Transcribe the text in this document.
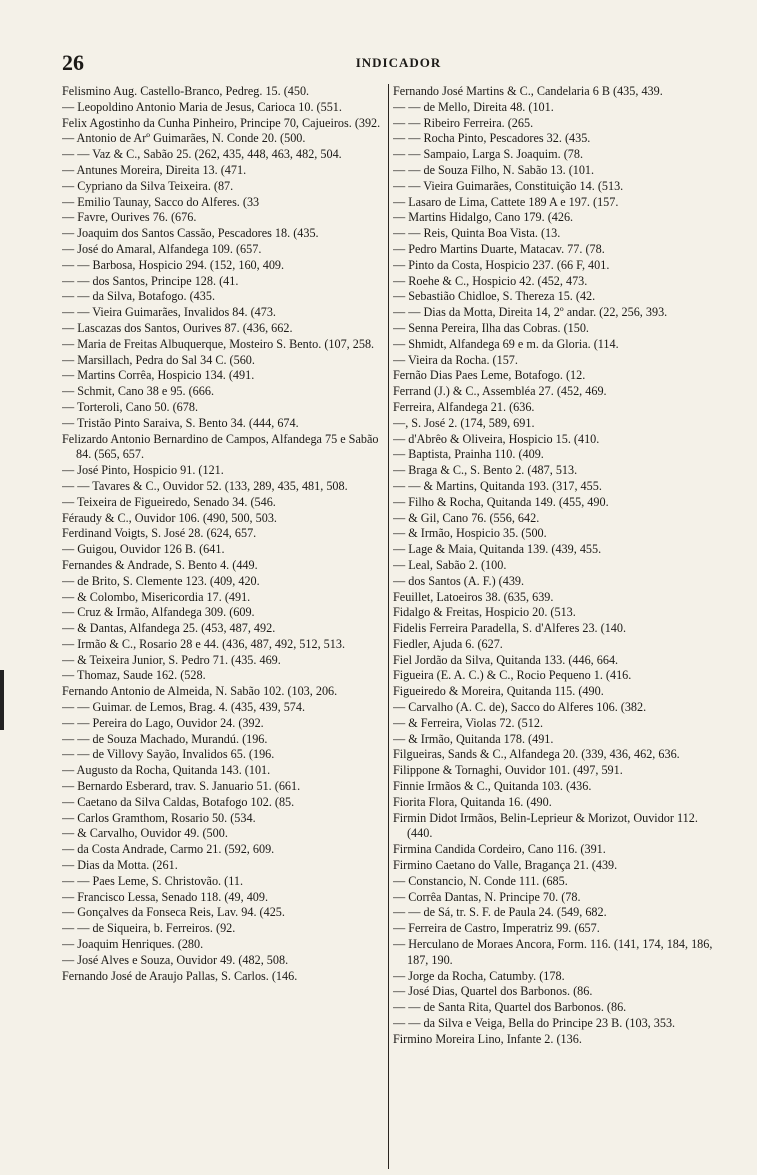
26	INDICADOR
Felismino Aug. Castello-Branco, Pedreg. 15. (450.
— Leopoldino Antonio Maria de Jesus, Carioca 10. (551.
Felix Agostinho da Cunha Pinheiro, Principe 70, Cajueiros. (392.
— Antonio de Arº Guimarães, N. Conde 20. (500.
— — Vaz & C., Sabão 25. (262, 435, 448, 463, 482, 504.
— Antunes Moreira, Direita 13. (471.
— Cypriano da Silva Teixeira. (87.
— Emilio Taunay, Sacco do Alferes. (33
— Favre, Ourives 76. (676.
— Joaquim dos Santos Cassão, Pescadores 18. (435.
— José do Amaral, Alfandega 109. (657.
— — Barbosa, Hospicio 294. (152, 160, 409.
— — dos Santos, Principe 128. (41.
— — da Silva, Botafogo. (435.
— — Vieira Guimarães, Invalidos 84. (473.
— Lascazas dos Santos, Ourives 87. (436, 662.
— Maria de Freitas Albuquerque, Mosteiro S. Bento. (107, 258.
— Marsillach, Pedra do Sal 34 C. (560.
— Martins Corrêa, Hospicio 134. (491.
— Schmit, Cano 38 e 95. (666.
— Torteroli, Cano 50. (678.
— Tristão Pinto Saraiva, S. Bento 34. (444, 674.
Felizardo Antonio Bernardino de Campos, Alfandega 75 e Sabão 84. (565, 657.
— José Pinto, Hospicio 91. (121.
— — Tavares & C., Ouvidor 52. (133, 289, 435, 481, 508.
— Teixeira de Figueiredo, Senado 34. (546.
Féraudy & C., Ouvidor 106. (490, 500, 503.
Ferdinand Voigts, S. José 28. (624, 657.
— Guigou, Ouvidor 126 B. (641.
Fernandes & Andrade, S. Bento 4. (449.
— de Brito, S. Clemente 123. (409, 420.
— & Colombo, Misericordia 17. (491.
— Cruz & Irmão, Alfandega 309. (609.
— & Dantas, Alfandega 25. (453, 487, 492.
— Irmão & C., Rosario 28 e 44. (436, 487, 492, 512, 513.
— & Teixeira Junior, S. Pedro 71. (435. 469.
— Thomaz, Saude 162. (528.
Fernando Antonio de Almeida, N. Sabão 102. (103, 206.
— — Guimar. de Lemos, Brag. 4. (435, 439, 574.
— — Pereira do Lago, Ouvidor 24. (392.
— — de Souza Machado, Murandú. (196.
— — de Villovy Sayão, Invalidos 65. (196.
— Augusto da Rocha, Quitanda 143. (101.
— Bernardo Esberard, trav. S. Januario 51. (661.
— Caetano da Silva Caldas, Botafogo 102. (85.
— Carlos Gramthom, Rosario 50. (534.
— & Carvalho, Ouvidor 49. (500.
— da Costa Andrade, Carmo 21. (592, 609.
— Dias da Motta. (261.
— — Paes Leme, S. Christovão. (11.
— Francisco Lessa, Senado 118. (49, 409.
— Gonçalves da Fonseca Reis, Lav. 94. (425.
— — de Siqueira, b. Ferreiros. (92.
— Joaquim Henriques. (280.
— José Alves e Souza, Ouvidor 49. (482, 508.
Fernando José de Araujo Pallas, S. Carlos. (146.
Fernando José Martins & C., Candelaria 6 B (435, 439.
— — de Mello, Direita 48. (101.
— — Ribeiro Ferreira. (265.
— — Rocha Pinto, Pescadores 32. (435.
— — Sampaio, Larga S. Joaquim. (78.
— — de Souza Filho, N. Sabão 13. (101.
— — Vieira Guimarães, Constituição 14. (513.
— Lasaro de Lima, Cattete 189 A e 197. (157.
— Martins Hidalgo, Cano 179. (426.
— — Reis, Quinta Boa Vista. (13.
— Pedro Martins Duarte, Matacav. 77. (78.
— Pinto da Costa, Hospicio 237. (66 F, 401.
— Roehe & C., Hospicio 42. (452, 473.
— Sebastião Chidloe, S. Thereza 15. (42.
— — Dias da Motta, Direita 14, 2º andar. (22, 256, 393.
— Senna Pereira, Ilha das Cobras. (150.
— Shmidt, Alfandega 69 e m. da Gloria. (114.
— Vieira da Rocha. (157.
Fernão Dias Paes Leme, Botafogo. (12.
Ferrand (J.) & C., Assembléa 27. (452, 469.
Ferreira, Alfandega 21. (636.
—, S. José 2. (174, 589, 691.
— d'Abrêo & Oliveira, Hospicio 15. (410.
— Baptista, Prainha 110. (409.
— Braga & C., S. Bento 2. (487, 513.
— — & Martins, Quitanda 193. (317, 455.
— Filho & Rocha, Quitanda 149. (455, 490.
— & Gil, Cano 76. (556, 642.
— & Irmão, Hospicio 35. (500.
— Lage & Maia, Quitanda 139. (439, 455.
— Leal, Sabão 2. (100.
— dos Santos (A. F.) (439.
Feuillet, Latoeiros 38. (635, 639.
Fidalgo & Freitas, Hospicio 20. (513.
Fidelis Ferreira Paradella, S. d'Alferes 23. (140.
Fiedler, Ajuda 6. (627.
Fiel Jordão da Silva, Quitanda 133. (446, 664.
Figueira (E. A. C.) & C., Rocio Pequeno 1. (416.
Figueiredo & Moreira, Quitanda 115. (490.
— Carvalho (A. C. de), Sacco do Alferes 106. (382.
— & Ferreira, Violas 72. (512.
— & Irmão, Quitanda 178. (491.
Filgueiras, Sands & C., Alfandega 20. (339, 436, 462, 636.
Filippone & Tornaghi, Ouvidor 101. (497, 591.
Finnie Irmãos & C., Quitanda 103. (436.
Fiorita Flora, Quitanda 16. (490.
Firmin Didot Irmãos, Belin-Leprieur & Morizot, Ouvidor 112. (440.
Firmina Candida Cordeiro, Cano 116. (391.
Firmino Caetano do Valle, Bragança 21. (439.
— Constancio, N. Conde 111. (685.
— Corrêa Dantas, N. Principe 70. (78.
— — de Sá, tr. S. F. de Paula 24. (549, 682.
— Ferreira de Castro, Imperatriz 99. (657.
— Herculano de Moraes Ancora, Form. 116. (141, 174, 184, 186, 187, 190.
— Jorge da Rocha, Catumby. (178.
— José Dias, Quartel dos Barbonos. (86.
— — de Santa Rita, Quartel dos Barbonos. (86.
— — da Silva e Veiga, Bella do Principe 23 B. (103, 353.
Firmino Moreira Lino, Infante 2. (136.
